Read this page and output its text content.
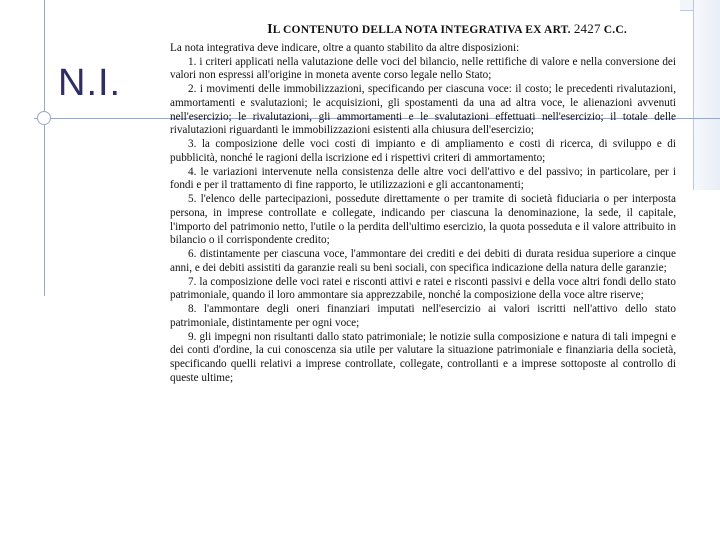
N.I.
IL CONTENUTO DELLA NOTA INTEGRATIVA EX ART. 2427 C.C.

La nota integrativa deve indicare, oltre a quanto stabilito da altre disposizioni:

1. i criteri applicati nella valutazione delle voci del bilancio, nelle rettifiche di valore e nella conversione dei valori non espressi all'origine in moneta avente corso legale nello Stato;

2. i movimenti delle immobilizzazioni, specificando per ciascuna voce: il costo; le precedenti rivalutazioni, ammortamenti e svalutazioni; le acquisizioni, gli spostamenti da una ad altra voce, le alienazioni avvenuti nell'esercizio; le rivalutazioni, gli ammortamenti e le svalutazioni effettuati nell'esercizio; il totale delle rivalutazioni riguardanti le immobilizzazioni esistenti alla chiusura dell'esercizio;

3. la composizione delle voci costi di impianto e di ampliamento e costi di ricerca, di sviluppo e di pubblicità, nonché le ragioni della iscrizione ed i rispettivi criteri di ammortamento;

4. le variazioni intervenute nella consistenza delle altre voci dell'attivo e del passivo; in particolare, per i fondi e per il trattamento di fine rapporto, le utilizzazioni e gli accantonamenti;

5. l'elenco delle partecipazioni, possedute direttamente o per tramite di società fiduciaria o per interposta persona, in imprese controllate e collegate, indicando per ciascuna la denominazione, la sede, il capitale, l'importo del patrimonio netto, l'utile o la perdita dell'ultimo esercizio, la quota posseduta e il valore attribuito in bilancio o il corrispondente credito;

6. distintamente per ciascuna voce, l'ammontare dei crediti e dei debiti di durata residua superiore a cinque anni, e dei debiti assistiti da garanzie reali su beni sociali, con specifica indicazione della natura delle garanzie;

7. la composizione delle voci ratei e risconti attivi e ratei e risconti passivi e della voce altri fondi dello stato patrimoniale, quando il loro ammontare sia apprezzabile, nonché la composizione della voce altre riserve;

8. l'ammontare degli oneri finanziari imputati nell'esercizio ai valori iscritti nell'attivo dello stato patrimoniale, distintamente per ogni voce;

9. gli impegni non risultanti dallo stato patrimoniale; le notizie sulla composizione e natura di tali impegni e dei conti d'ordine, la cui conoscenza sia utile per valutare la situazione patrimoniale e finanziaria della società, specificando quelli relativi a imprese controllate, collegate, controllanti e a imprese sottoposte al controllo di queste ultime;
